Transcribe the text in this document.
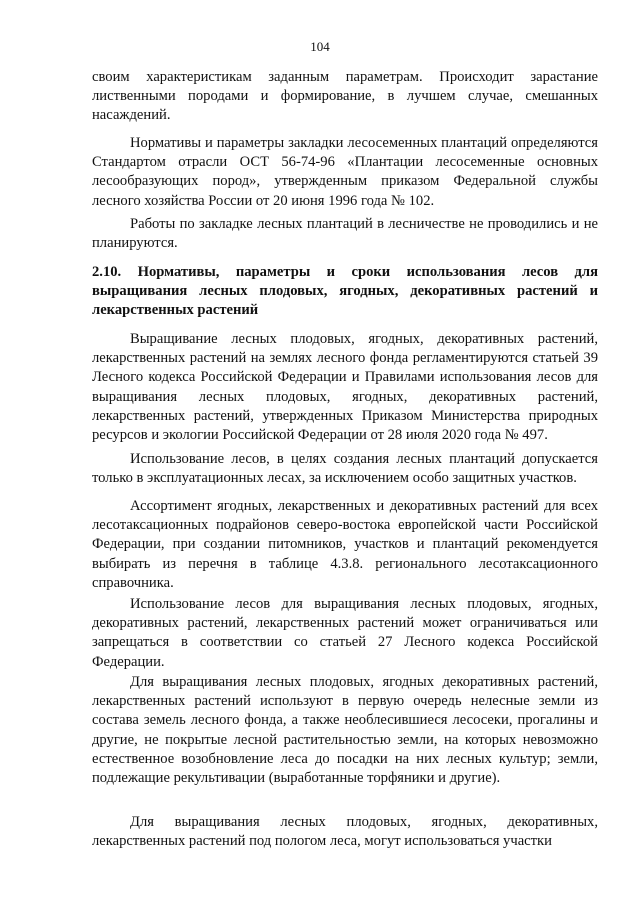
104

своим характеристикам заданным параметрам. Происходит зарастание лиственными породами и формирование, в лучшем случае, смешанных насаждений.

Нормативы и параметры закладки лесосеменных плантаций определяются Стандартом отрасли ОСТ 56-74-96 «Плантации лесосеменные основных лесообразующих пород», утвержденным приказом Федеральной службы лесного хозяйства России от 20 июня 1996 года № 102.

Работы по закладке лесных плантаций в лесничестве не проводились и не планируются.

2.10. Нормативы, параметры и сроки использования лесов для выращивания лесных плодовых, ягодных, декоративных растений и лекарственных растений

Выращивание лесных плодовых, ягодных, декоративных растений, лекарственных растений на землях лесного фонда регламентируются статьей 39 Лесного кодекса Российской Федерации и Правилами использования лесов для выращивания лесных плодовых, ягодных, декоративных растений, лекарственных растений, утвержденных Приказом Министерства природных ресурсов и экологии Российской Федерации от 28 июля 2020 года № 497.

Использование лесов, в целях создания лесных плантаций допускается только в эксплуатационных лесах, за исключением особо защитных участков.

Ассортимент ягодных, лекарственных и декоративных растений для всех лесотаксационных подрайонов северо-востока европейской части Российской Федерации, при создании питомников, участков и плантаций рекомендуется выбирать из перечня в таблице 4.3.8. регионального лесотаксационного справочника.

Использование лесов для выращивания лесных плодовых, ягодных, декоративных растений, лекарственных растений может ограничиваться или запрещаться в соответствии со статьей 27 Лесного кодекса Российской Федерации.

Для выращивания лесных плодовых, ягодных декоративных растений, лекарственных растений используют в первую очередь нелесные земли из состава земель лесного фонда, а также необлесившиеся лесосеки, прогалины и другие, не покрытые лесной растительностью земли, на которых невозможно естественное возобновление леса до посадки на них лесных культур; земли, подлежащие рекультивации (выработанные торфяники и другие).

Для выращивания лесных плодовых, ягодных, декоративных, лекарственных растений под пологом леса, могут использоваться участки
